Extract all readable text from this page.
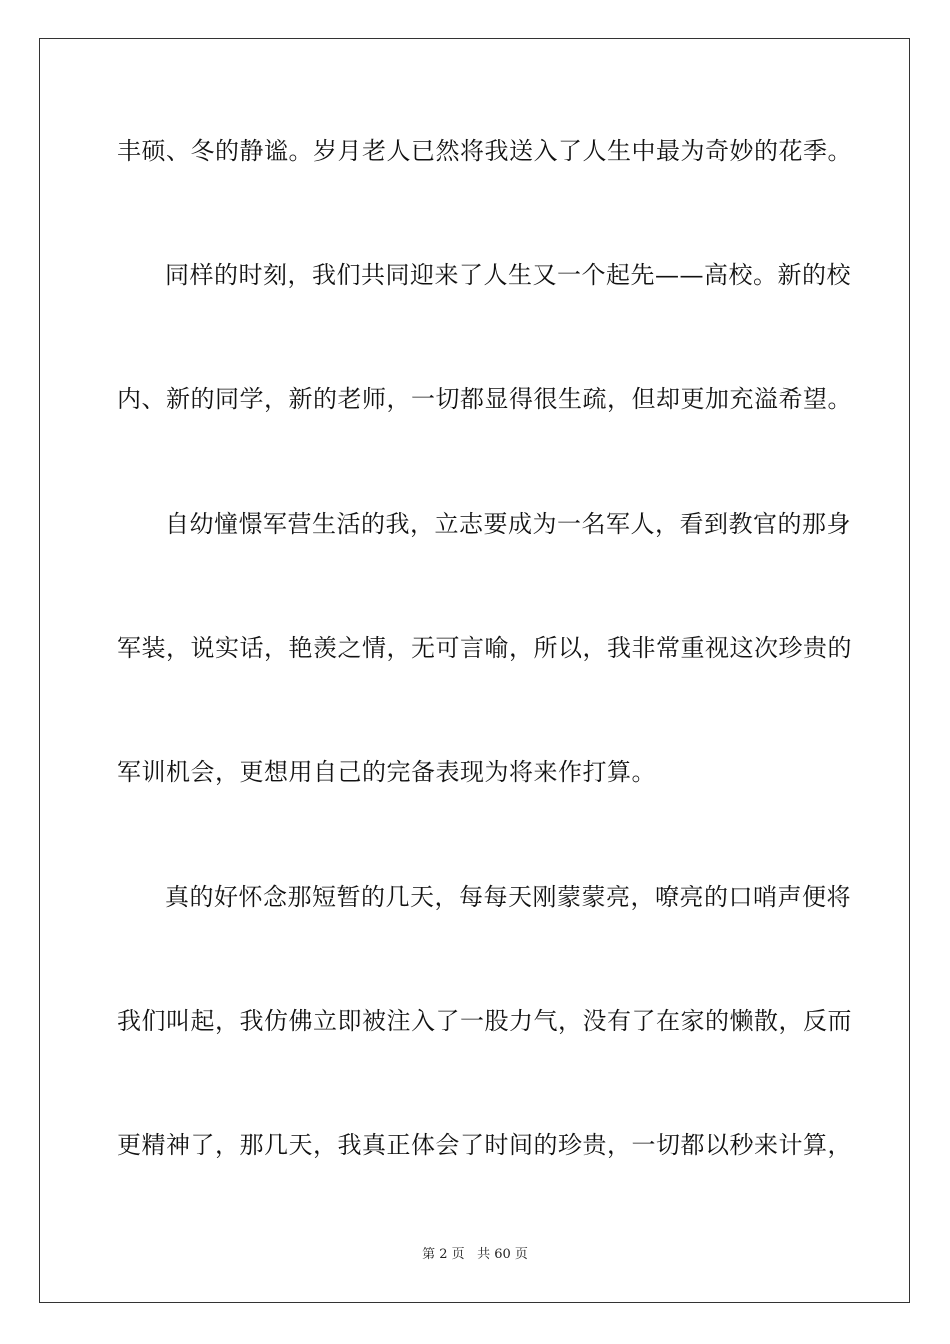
丰硕、冬的静谧。岁月老人已然将我送入了人生中最为奇妙的花季。
同样的时刻，我们共同迎来了人生又一个起先——高校。新的校
内、新的同学，新的老师，一切都显得很生疏，但却更加充溢希望。
自幼憧憬军营生活的我，立志要成为一名军人，看到教官的那身
军装，说实话，艳羡之情，无可言喻，所以，我非常重视这次珍贵的
军训机会，更想用自己的完备表现为将来作打算。
真的好怀念那短暂的几天，每每天刚蒙蒙亮，嘹亮的口哨声便将
我们叫起，我仿佛立即被注入了一股力气，没有了在家的懒散，反而
更精神了，那几天，我真正体会了时间的珍贵，一切都以秒来计算，
第 2 页 共 60 页
